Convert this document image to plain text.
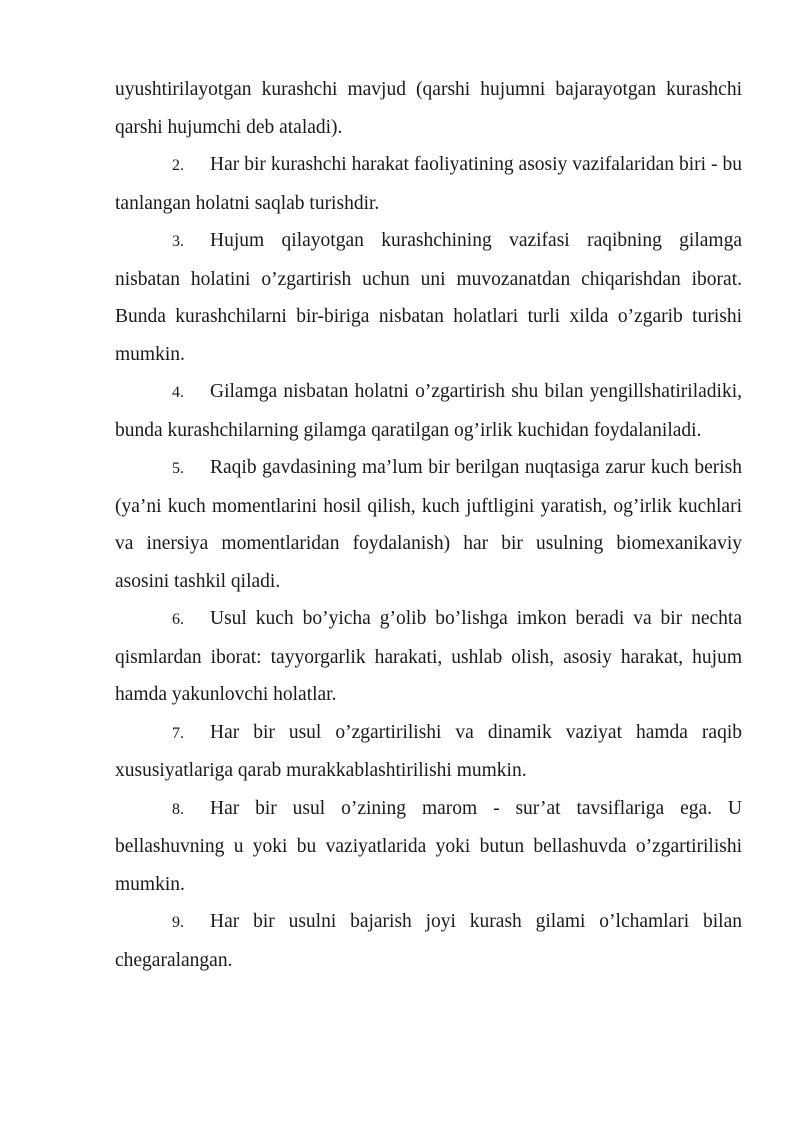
uyushtirilayotgan kurashchi mavjud (qarshi hujumni bajarayotgan kurashchi qarshi hujumchi deb ataladi).

2. Har bir kurashchi harakat faoliyatining asosiy vazifalaridan biri - bu tanlangan holatni saqlab turishdir.

3. Hujum qilayotgan kurashchining vazifasi raqibning gilamga nisbatan holatini o’zgartirish uchun uni muvozanatdan chiqarishdan iborat. Bunda kurashchilarni bir-biriga nisbatan holatlari turli xilda o’zgarib turishi mumkin.

4. Gilamga nisbatan holatni o’zgartirish shu bilan yengillshatiriladiki, bunda kurashchilarning gilamga qaratilgan og’irlik kuchidan foydalaniladi.

5. Raqib gavdasining ma’lum bir berilgan nuqtasiga zarur kuch berish (ya’ni kuch momentlarini hosil qilish, kuch juftligini yaratish, og’irlik kuchlari va inersiya momentlaridan foydalanish) har bir usulning biomexanikaviy asosini tashkil qiladi.

6. Usul kuch bo’yicha g’olib bo’lishga imkon beradi va bir nechta qismlardan iborat: tayyorgarlik harakati, ushlab olish, asosiy harakat, hujum hamda yakunlovchi holatlar.

7. Har bir usul o’zgartirilishi va dinamik vaziyat hamda raqib xususiyatlariga qarab murakkablashtirilishi mumkin.

8. Har bir usul o’zining marom - sur’at tavsiflariga ega. U bellashuvning u yoki bu vaziyatlarida yoki butun bellashuvda o’zgartirilishi mumkin.

9. Har bir usulni bajarish joyi kurash gilami o’lchamlari bilan chegaralangan.
